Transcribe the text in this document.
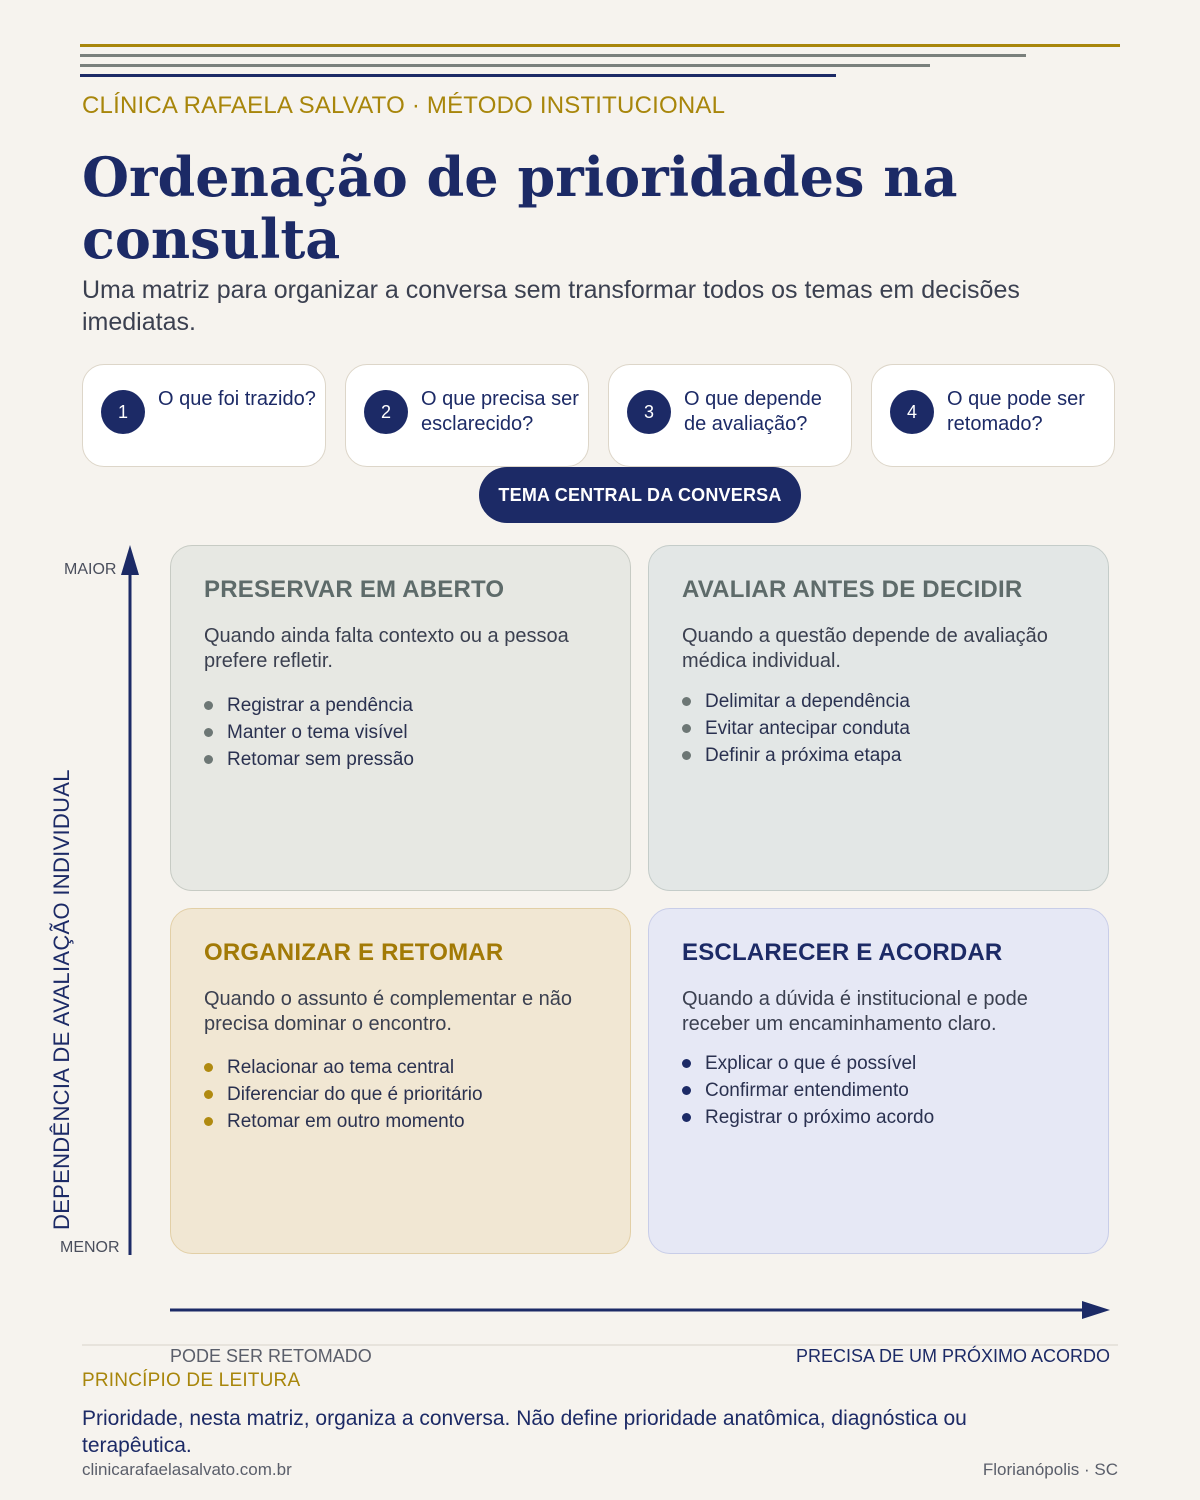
CLÍNICA RAFAELA SALVATO · MÉTODO INSTITUCIONAL
Ordenação de prioridades na consulta
Uma matriz para organizar a conversa sem transformar todos os temas em decisões imediatas.
1
O que foi trazido?
2
O que precisa ser esclarecido?
3
O que depende de avaliação?
4
O que pode ser retomado?
TEMA CENTRAL DA CONVERSA
MAIOR
MENOR
DEPENDÊNCIA DE AVALIAÇÃO INDIVIDUAL
PRESERVAR EM ABERTO
Quando ainda falta contexto ou a pessoa prefere refletir.
Registrar a pendência
Manter o tema visível
Retomar sem pressão
AVALIAR ANTES DE DECIDIR
Quando a questão depende de avaliação médica individual.
Delimitar a dependência
Evitar antecipar conduta
Definir a próxima etapa
ORGANIZAR E RETOMAR
Quando o assunto é complementar e não precisa dominar o encontro.
Relacionar ao tema central
Diferenciar do que é prioritário
Retomar em outro momento
ESCLARECER E ACORDAR
Quando a dúvida é institucional e pode receber um encaminhamento claro.
Explicar o que é possível
Confirmar entendimento
Registrar o próximo acordo
PODE SER RETOMADO	PRECISA DE UM PRÓXIMO ACORDO
PRINCÍPIO DE LEITURA
Prioridade, nesta matriz, organiza a conversa. Não define prioridade anatômica, diagnóstica ou terapêutica.
clinicarafaelasalvato.com.br	Florianópolis · SC
